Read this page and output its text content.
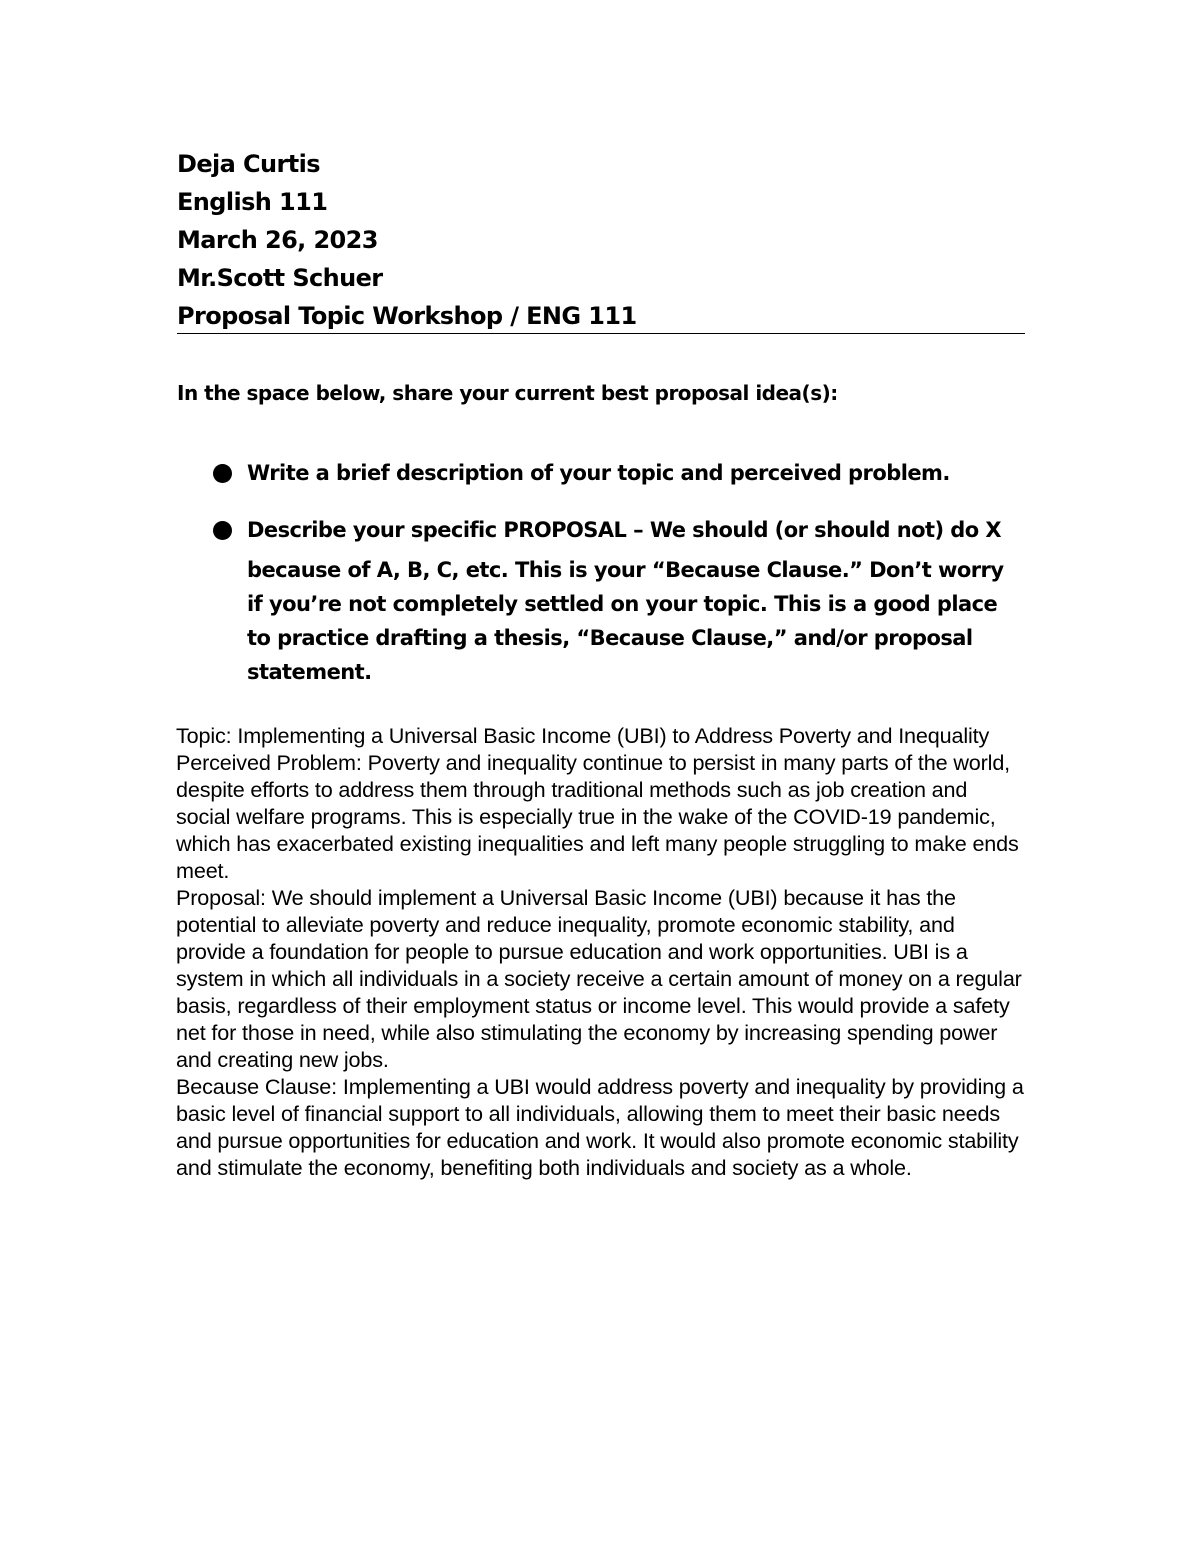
Deja Curtis
English 111
March 26, 2023
Mr.Scott Schuer
Proposal Topic Workshop / ENG 111
In the space below, share your current best proposal idea(s):
Write a brief description of your topic and perceived problem.
Describe your specific PROPOSAL – We should (or should not) do X
because of A, B, C, etc. This is your “Because Clause.” Don’t worry if you’re not completely settled on your topic. This is a good place to practice drafting a thesis, “Because Clause,” and/or proposal statement.

Topic: Implementing a Universal Basic Income (UBI) to Address Poverty and Inequality

Perceived Problem: Poverty and inequality continue to persist in many parts of the world, despite efforts to address them through traditional methods such as job creation and social welfare programs. This is especially true in the wake of the COVID-19 pandemic, which has exacerbated existing inequalities and left many people struggling to make ends meet.

Proposal: We should implement a Universal Basic Income (UBI) because it has the potential to alleviate poverty and reduce inequality, promote economic stability, and provide a foundation for people to pursue education and work opportunities. UBI is a system in which all individuals in a society receive a certain amount of money on a regular basis, regardless of their employment status or income level. This would provide a safety net for those in need, while also stimulating the economy by increasing spending power and creating new jobs.

Because Clause: Implementing a UBI would address poverty and inequality by providing a basic level of financial support to all individuals, allowing them to meet their basic needs and pursue opportunities for education and work. It would also promote economic stability and stimulate the economy, benefiting both individuals and society as a whole.
